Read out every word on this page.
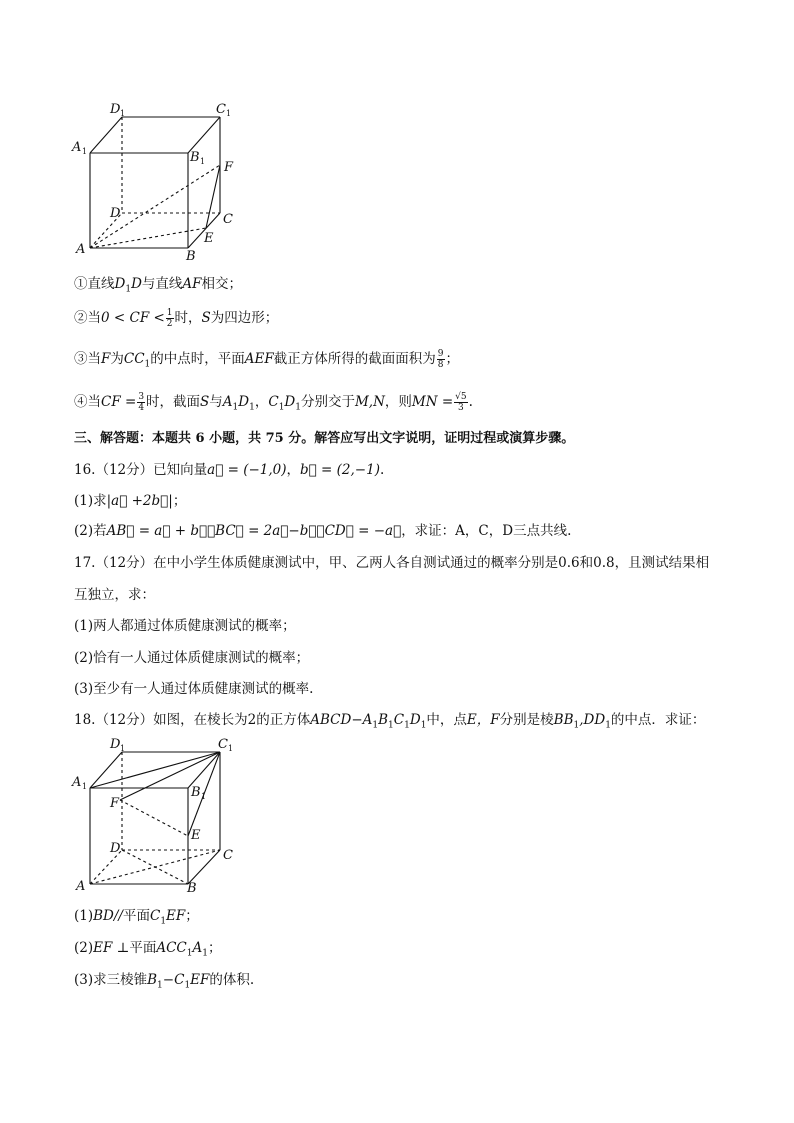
D 1	C 1
A 1	B 1 F
D	C
E
A	B
①直线$D_1D$与直线AF相交；
②当0 < CF < $\frac{1}{2}$ 时，S为四边形；
③当F为$CC_1$的中点时，平面AEF截正方体所得的截面面积为 $\frac{9}{8}$ ；
④当CF = $\frac{3}{4}$ 时，截面S与$A_1D_1$，$C_1D_1$分别交于M,N，则MN = $\frac{√5}{3}$ .
三、解答题：本题共 6 小题，共 75 分。解答应写出文字说明，证明过程或演算步骤。
16.（12分）已知向量a⃗ = (−1,0)，b⃗ = (2,−1).
(1)求|a⃗ +2b⃗|；
(2)若AB⃗ = a⃗ + b⃗，BC⃗ = 2a⃗−b⃗，CD⃗ = −a⃗，求证：A，C，D三点共线.
17.（12分）在中小学生体质健康测试中，甲、乙两人各自测试通过的概率分别是0.6和0.8，且测试结果相
互独立，求：
(1)两人都通过体质健康测试的概率；
(2)恰有一人通过体质健康测试的概率；
(3)至少有一人通过体质健康测试的概率.
18.（12分）如图，在棱长为2的正方体$ABCD-A_1B_1C_1D_1$中，点E，F分别是棱$BB_1,DD_1$的中点．求证：
D 1	C 1
A 1	B 1
F
E
D	C
A	B
(1)BD//平面$C_1EF$；
(2)EF ⊥平面$ACC_1A_1$；
(3)求三棱锥$B_1-C_1EF$的体积.
